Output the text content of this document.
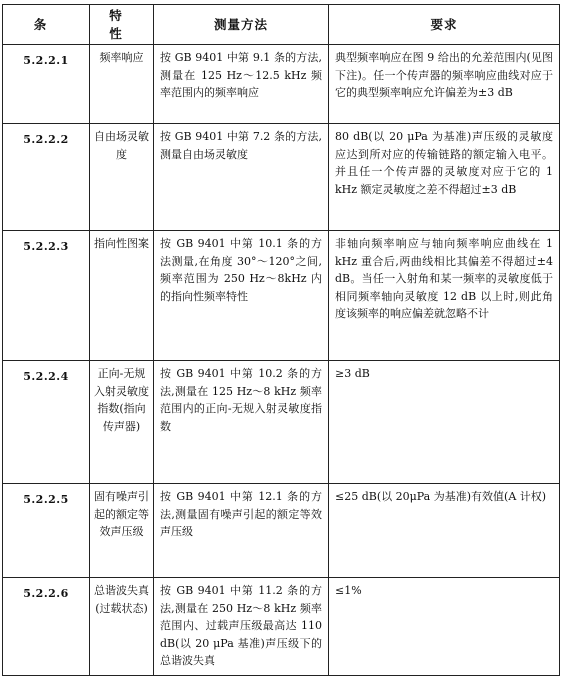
条	特 性	测量方法	要求
5.2.2.1	频率响应	按 GB 9401 中第 9.1 条的方法,测量在 125 Hz～12.5 kHz 频率范围内的频率响应	典型频率响应在图 9 给出的允差范围内(见图下注)。任一个传声器的频率响应曲线对应于它的典型频率响应允许偏差为±3 dB
5.2.2.2	自由场灵敏度	按 GB 9401 中第 7.2 条的方法,测量自由场灵敏度	80 dB(以 20 μPa 为基准)声压级的灵敏度应达到所对应的传输链路的额定输入电平。并且任一个传声器的灵敏度对应于它的 1 kHz 额定灵敏度之差不得超过±3 dB
5.2.2.3	指向性图案	按 GB 9401 中第 10.1 条的方法测量,在角度 30°～120°之间,频率范围为 250 Hz～8kHz 内的指向性频率特性	非轴向频率响应与轴向频率响应曲线在 1 kHz 重合后,两曲线相比其偏差不得超过±4 dB。当任一入射角和某一频率的灵敏度低于相同频率轴向灵敏度 12 dB 以上时,则此角度该频率的响应偏差就忽略不计
5.2.2.4	正向-无规入射灵敏度指数(指向传声器)	按 GB 9401 中第 10.2 条的方法,测量在 125 Hz～8 kHz 频率范围内的正向-无规入射灵敏度指数	≥3 dB
5.2.2.5	固有噪声引起的额定等效声压级	按 GB 9401 中第 12.1 条的方法,测量固有噪声引起的额定等效声压级	≤25 dB(以 20μPa 为基准)有效值(A 计权)
5.2.2.6	总谐波失真(过载状态)	按 GB 9401 中第 11.2 条的方法,测量在 250 Hz～8 kHz 频率范围内、过载声压级最高达 110 dB(以 20 μPa 基准)声压级下的总谐波失真	≤1%
